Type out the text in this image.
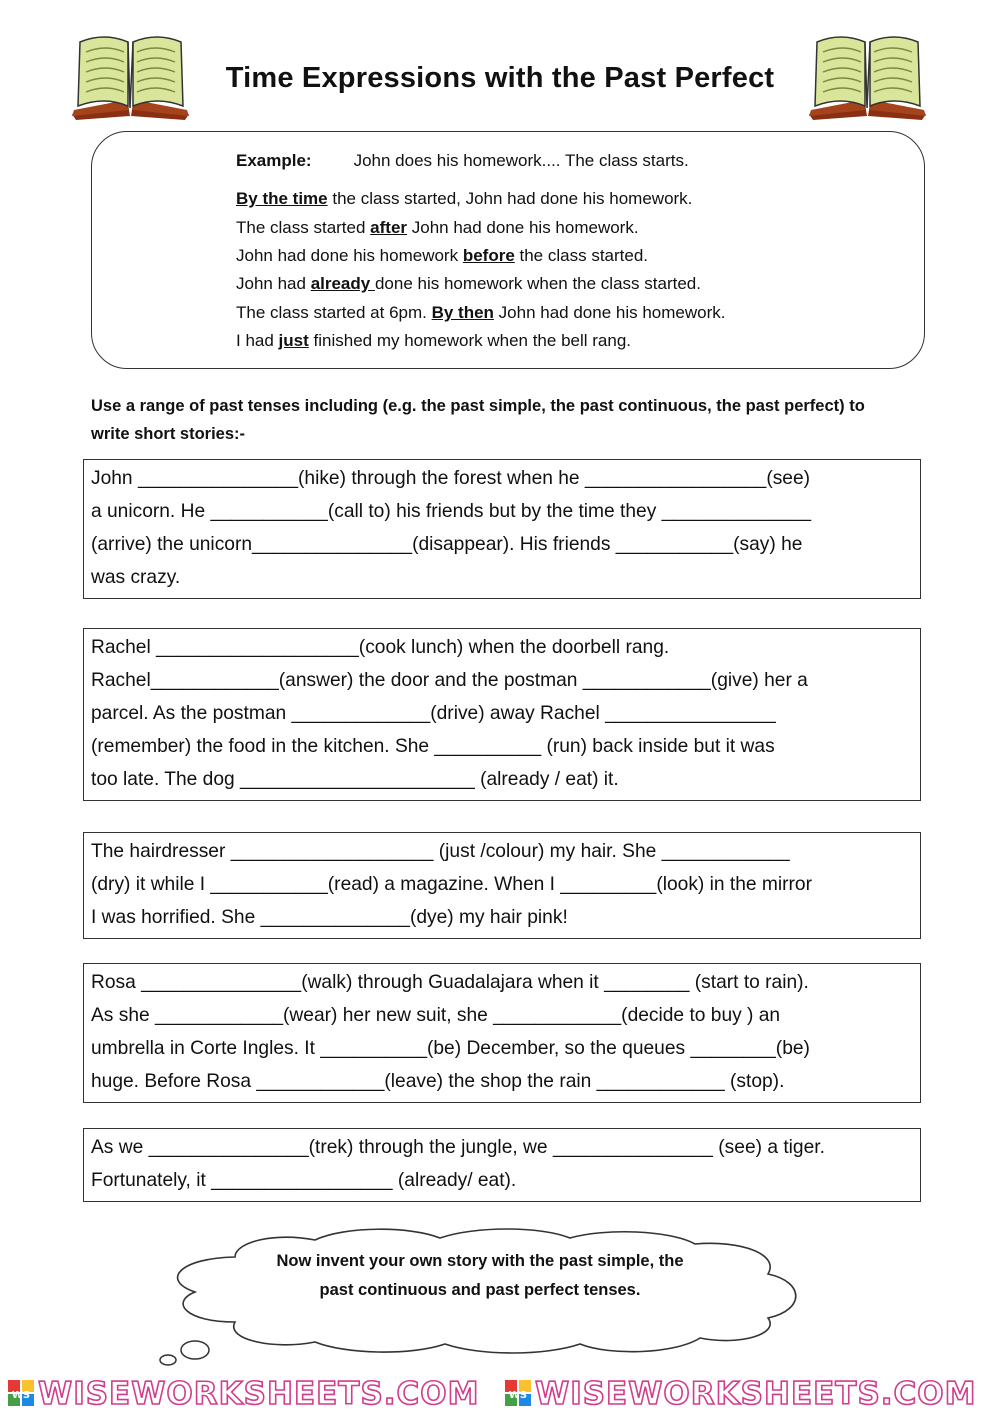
Time Expressions with the Past Perfect
Example: John does his homework.... The class starts.
By the time the class started, John had done his homework.
The class started after John had done his homework.
John had done his homework before the class started.
John had already done his homework when the class started.
The class started at 6pm. By then John had done his homework.
I had just finished my homework when the bell rang.
Use a range of past tenses including (e.g. the past simple, the past continuous, the past perfect) to
write short stories:-

John _______________(hike) through the forest when he _________________(see)

a unicorn. He ___________(call to) his friends but by the time they ______________

(arrive) the unicorn_______________(disappear). His friends ___________(say) he

was crazy.

Rachel ___________________(cook lunch) when the doorbell rang.

Rachel____________(answer) the door and the postman ____________(give) her a

parcel. As the postman _____________(drive) away Rachel ________________

(remember) the food in the kitchen. She __________ (run) back inside but it was

too late. The dog ______________________ (already / eat) it.

The hairdresser ___________________ (just /colour) my hair. She ____________

(dry) it while I ___________(read) a magazine. When I _________(look) in the mirror

I was horrified. She ______________(dye) my hair pink!

Rosa _______________(walk) through Guadalajara when it ________ (start to rain).

As she ____________(wear) her new suit, she ____________(decide to buy ) an

umbrella in Corte Ingles. It __________(be) December, so the queues ________(be)

huge. Before Rosa ____________(leave) the shop the rain ____________ (stop).

As we _______________(trek) through the jungle, we _______________ (see) a tiger.

Fortunately, it _________________ (already/ eat).

Now invent your own story with the past simple, the
past continuous and past perfect tenses.
WS WISEWORKSHEETS.COM	WS WISEWORKSHEETS.COM
